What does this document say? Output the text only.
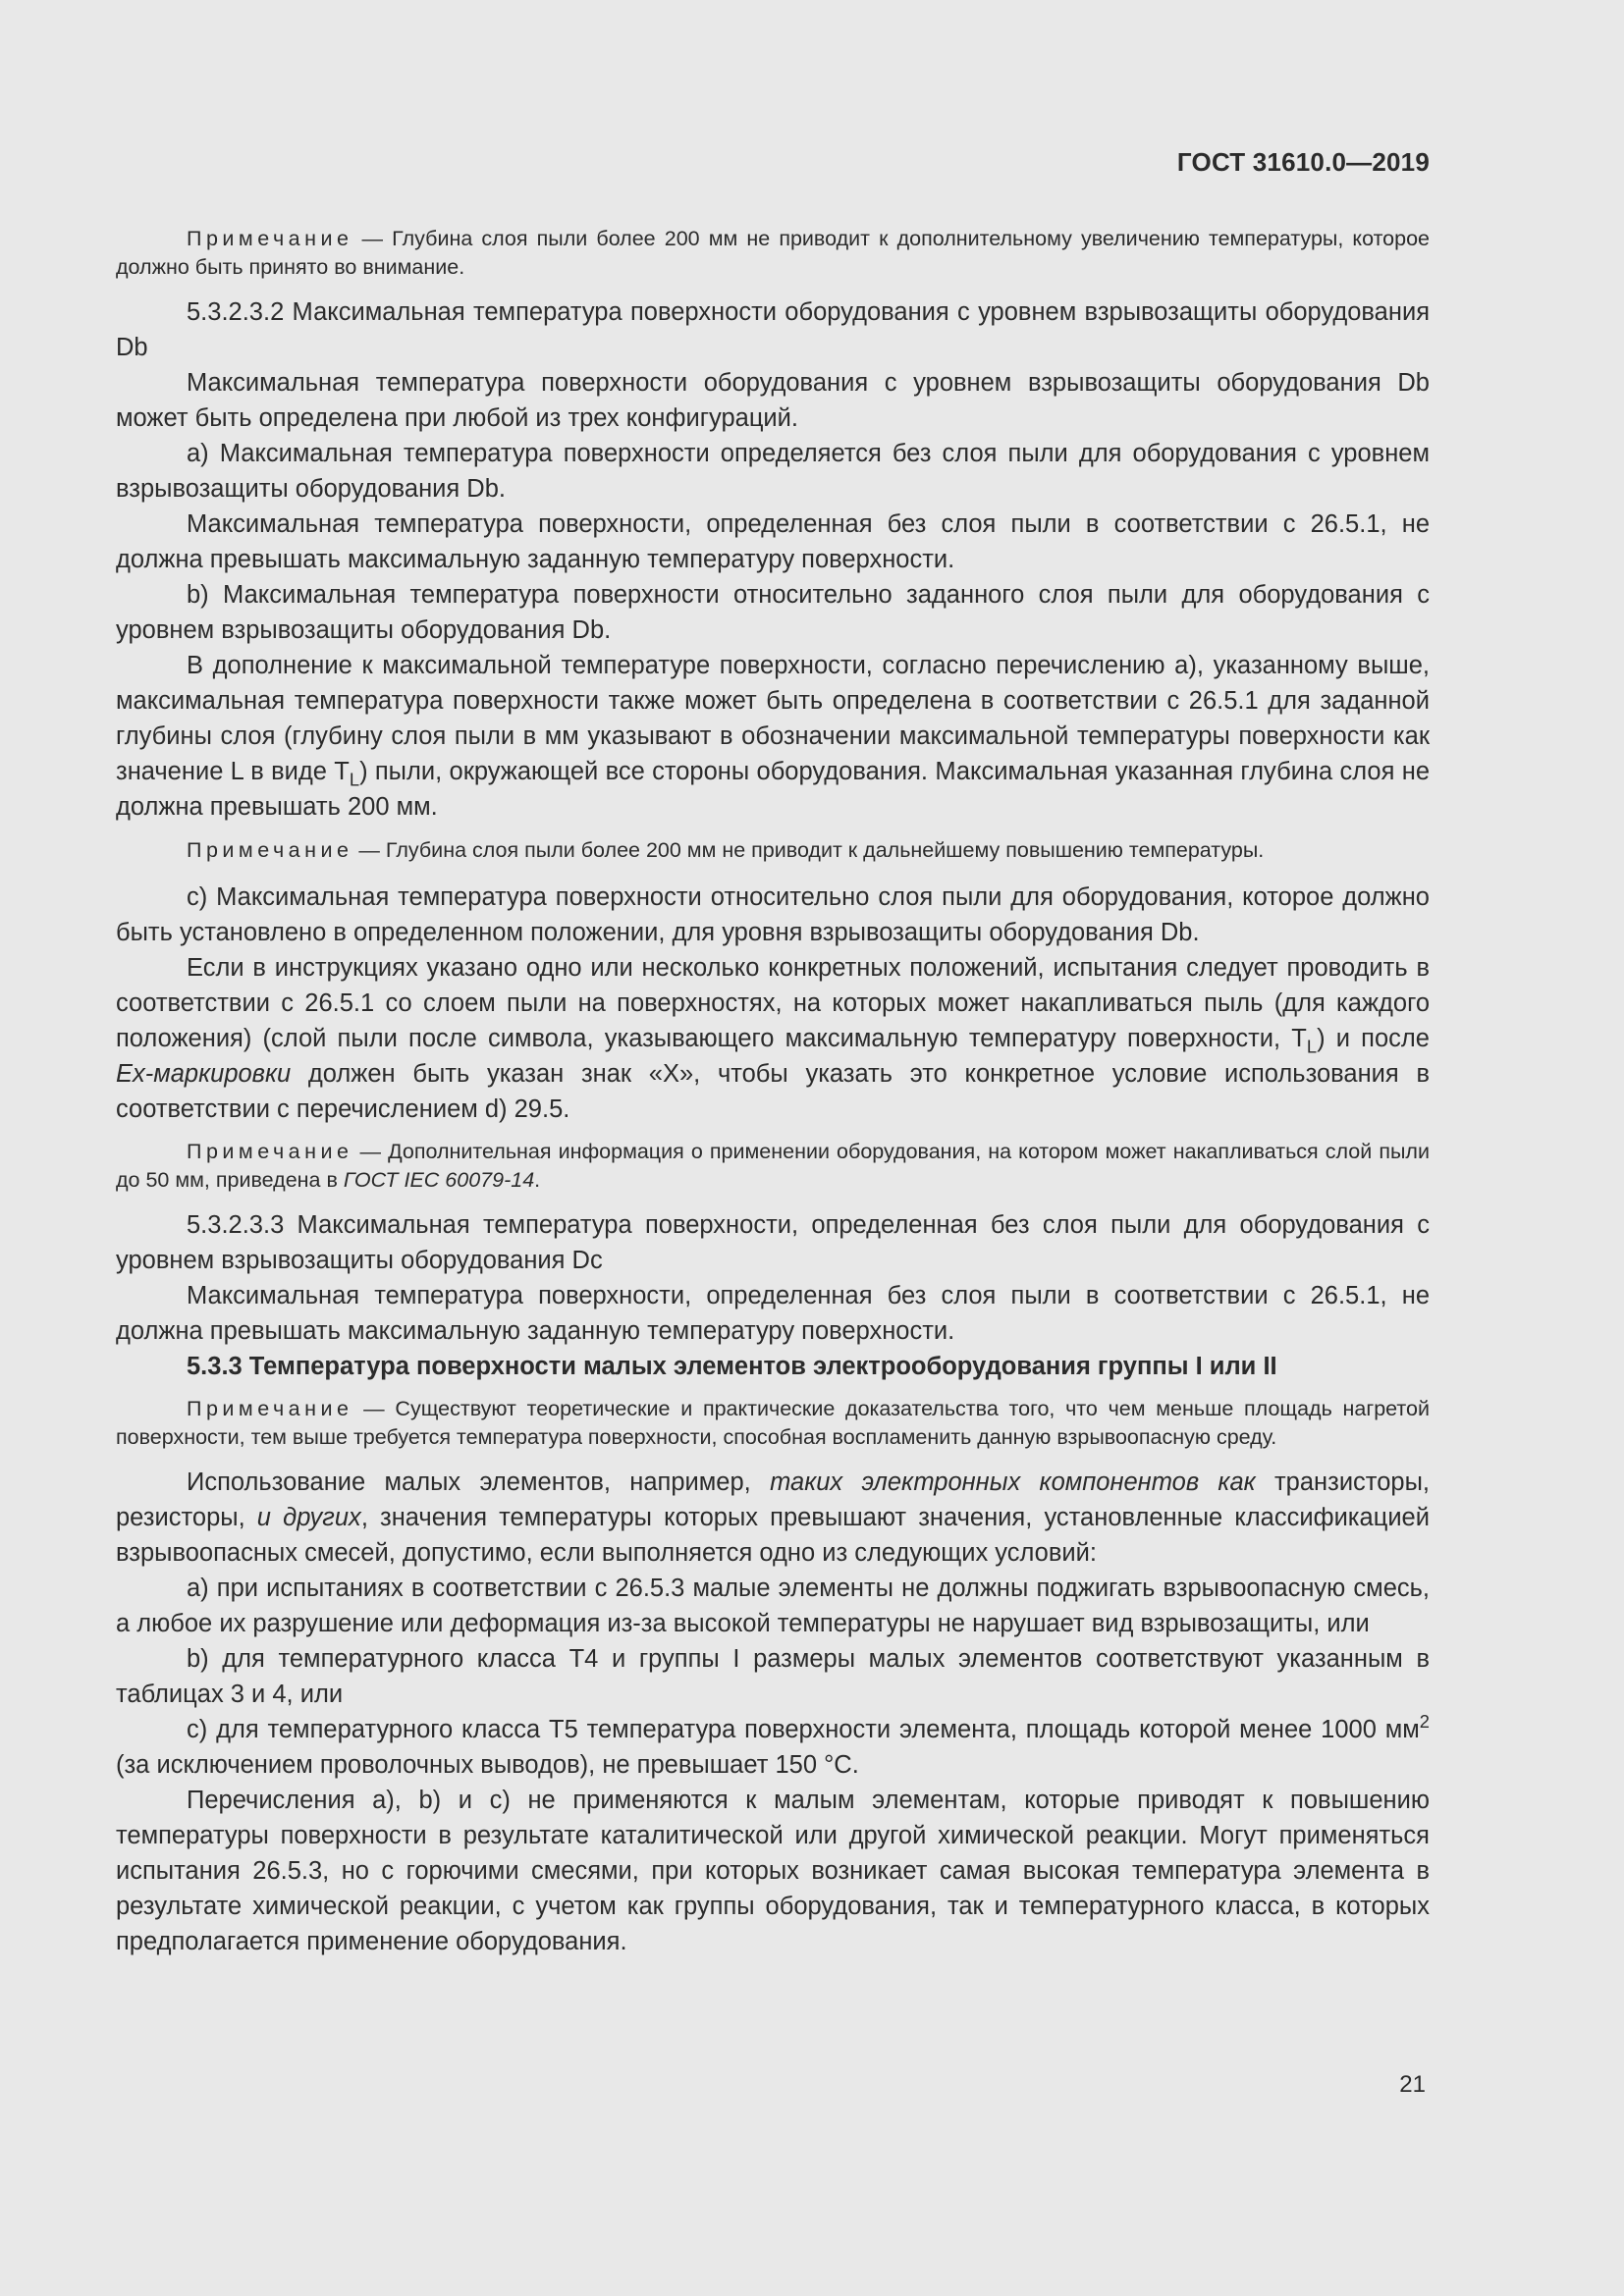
ГОСТ 31610.0—2019

Примечание — Глубина слоя пыли более 200 мм не приводит к дополнительному увеличению температуры, которое должно быть принято во внимание.

5.3.2.3.2 Максимальная температура поверхности оборудования с уровнем взрывозащиты оборудования Db

Максимальная температура поверхности оборудования с уровнем взрывозащиты оборудования Db может быть определена при любой из трех конфигураций.

а) Максимальная температура поверхности определяется без слоя пыли для оборудования с уровнем взрывозащиты оборудования Db.

Максимальная температура поверхности, определенная без слоя пыли в соответствии с 26.5.1, не должна превышать максимальную заданную температуру поверхности.

b) Максимальная температура поверхности относительно заданного слоя пыли для оборудования с уровнем взрывозащиты оборудования Db.

В дополнение к максимальной температуре поверхности, согласно перечислению а), указанному выше, максимальная температура поверхности также может быть определена в соответствии с 26.5.1 для заданной глубины слоя (глубину слоя пыли в мм указывают в обозначении максимальной температуры поверхности как значение L в виде $T_L$) пыли, окружающей все стороны оборудования. Максимальная указанная глубина слоя не должна превышать 200 мм.

Примечание — Глубина слоя пыли более 200 мм не приводит к дальнейшему повышению температуры.

с) Максимальная температура поверхности относительно слоя пыли для оборудования, которое должно быть установлено в определенном положении, для уровня взрывозащиты оборудования Db.

Если в инструкциях указано одно или несколько конкретных положений, испытания следует проводить в соответствии с 26.5.1 со слоем пыли на поверхностях, на которых может накапливаться пыль (для каждого положения) (слой пыли после символа, указывающего максимальную температуру поверхности, $T_L$) и после Ex-маркировки должен быть указан знак «X», чтобы указать это конкретное условие использования в соответствии с перечислением d) 29.5.

Примечание — Дополнительная информация о применении оборудования, на котором может накапливаться слой пыли до 50 мм, приведена в ГОСТ IEC 60079-14.

5.3.2.3.3 Максимальная температура поверхности, определенная без слоя пыли для оборудования с уровнем взрывозащиты оборудования Dc

Максимальная температура поверхности, определенная без слоя пыли в соответствии с 26.5.1, не должна превышать максимальную заданную температуру поверхности.

5.3.3 Температура поверхности малых элементов электрооборудования группы I или II

Примечание — Существуют теоретические и практические доказательства того, что чем меньше площадь нагретой поверхности, тем выше требуется температура поверхности, способная воспламенить данную взрывоопасную среду.

Использование малых элементов, например, таких электронных компонентов как транзисторы, резисторы, и других, значения температуры которых превышают значения, установленные классификацией взрывоопасных смесей, допустимо, если выполняется одно из следующих условий:

а) при испытаниях в соответствии с 26.5.3 малые элементы не должны поджигать взрывоопасную смесь, а любое их разрушение или деформация из-за высокой температуры не нарушает вид взрывозащиты, или

b) для температурного класса T4 и группы I размеры малых элементов соответствуют указанным в таблицах 3 и 4, или

с) для температурного класса T5 температура поверхности элемента, площадь которой менее 1000 $мм^2$ (за исключением проволочных выводов), не превышает 150 °С.

Перечисления а), b) и с) не применяются к малым элементам, которые приводят к повышению температуры поверхности в результате каталитической или другой химической реакции. Могут применяться испытания 26.5.3, но с горючими смесями, при которых возникает самая высокая температура элемента в результате химической реакции, с учетом как группы оборудования, так и температурного класса, в которых предполагается применение оборудования.

21
